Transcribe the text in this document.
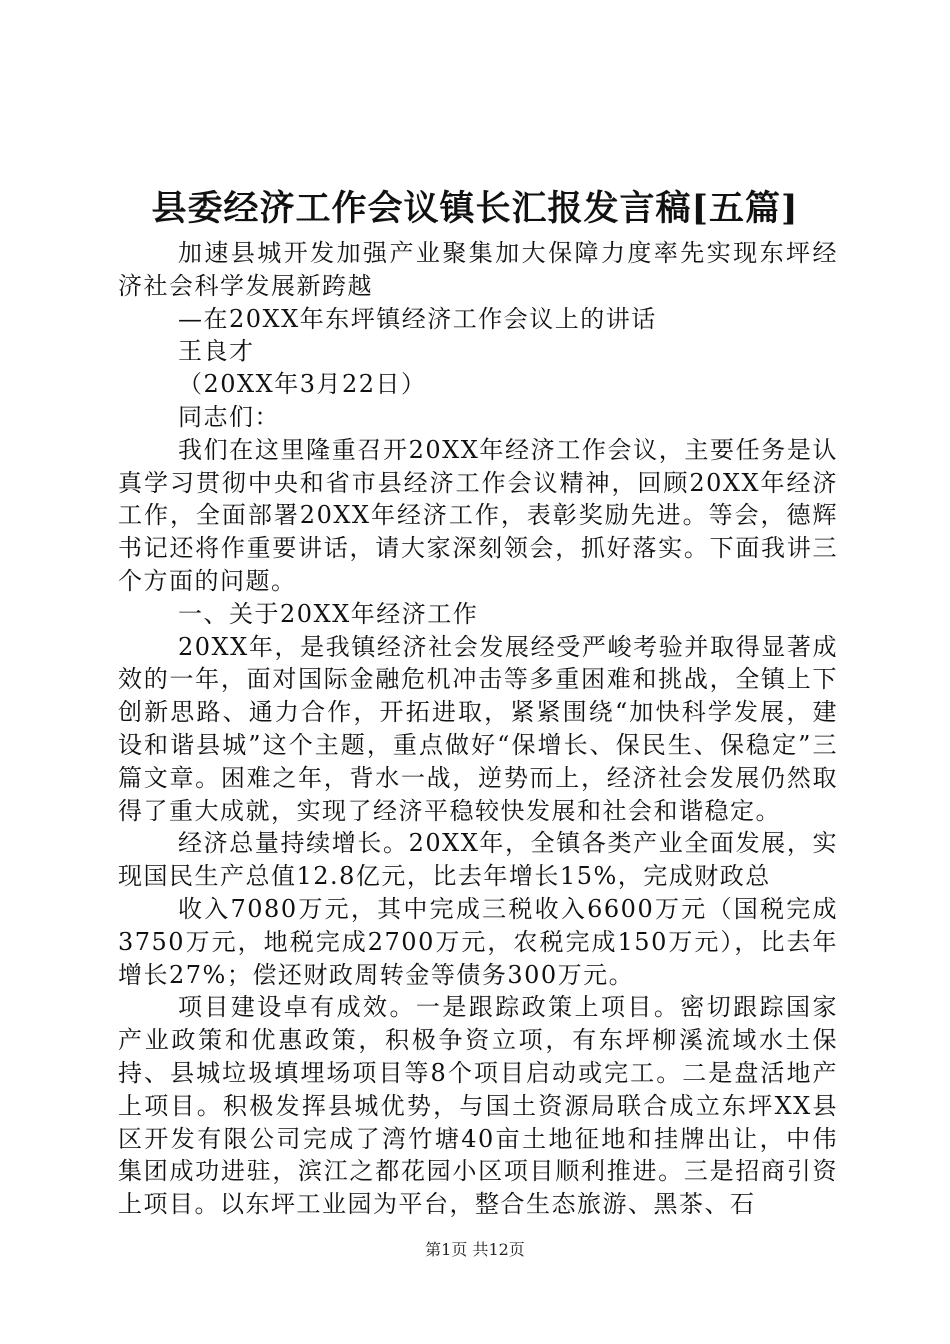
县委经济工作会议镇长汇报发言稿[五篇]

加速县城开发加强产业聚集加大保障力度率先实现东坪经济社会科学发展新跨越

—在20XX年东坪镇经济工作会议上的讲话

王良才

（20XX年3月22日）

同志们：

我们在这里隆重召开20XX年经济工作会议，主要任务是认真学习贯彻中央和省市县经济工作会议精神，回顾20XX年经济工作，全面部署20XX年经济工作，表彰奖励先进。等会，德辉书记还将作重要讲话，请大家深刻领会，抓好落实。下面我讲三个方面的问题。

一、关于20XX年经济工作

20XX年，是我镇经济社会发展经受严峻考验并取得显著成效的一年，面对国际金融危机冲击等多重困难和挑战，全镇上下创新思路、通力合作，开拓进取，紧紧围绕“加快科学发展，建设和谐县城”这个主题，重点做好“保增长、保民生、保稳定”三篇文章。困难之年，背水一战，逆势而上，经济社会发展仍然取得了重大成就，实现了经济平稳较快发展和社会和谐稳定。

经济总量持续增长。20XX年，全镇各类产业全面发展，实现国民生产总值12.8亿元，比去年增长15%，完成财政总

收入7080万元，其中完成三税收入6600万元（国税完成3750万元，地税完成2700万元，农税完成150万元），比去年增长27%；偿还财政周转金等债务300万元。

项目建设卓有成效。一是跟踪政策上项目。密切跟踪国家产业政策和优惠政策，积极争资立项，有东坪柳溪流域水土保持、县城垃圾填埋场项目等8个项目启动或完工。二是盘活地产上项目。积极发挥县城优势，与国土资源局联合成立东坪XX县区开发有限公司完成了湾竹塘40亩土地征地和挂牌出让，中伟集团成功进驻，滨江之都花园小区项目顺利推进。三是招商引资上项目。以东坪工业园为平台，整合生态旅游、黑茶、石

第1页 共12页
